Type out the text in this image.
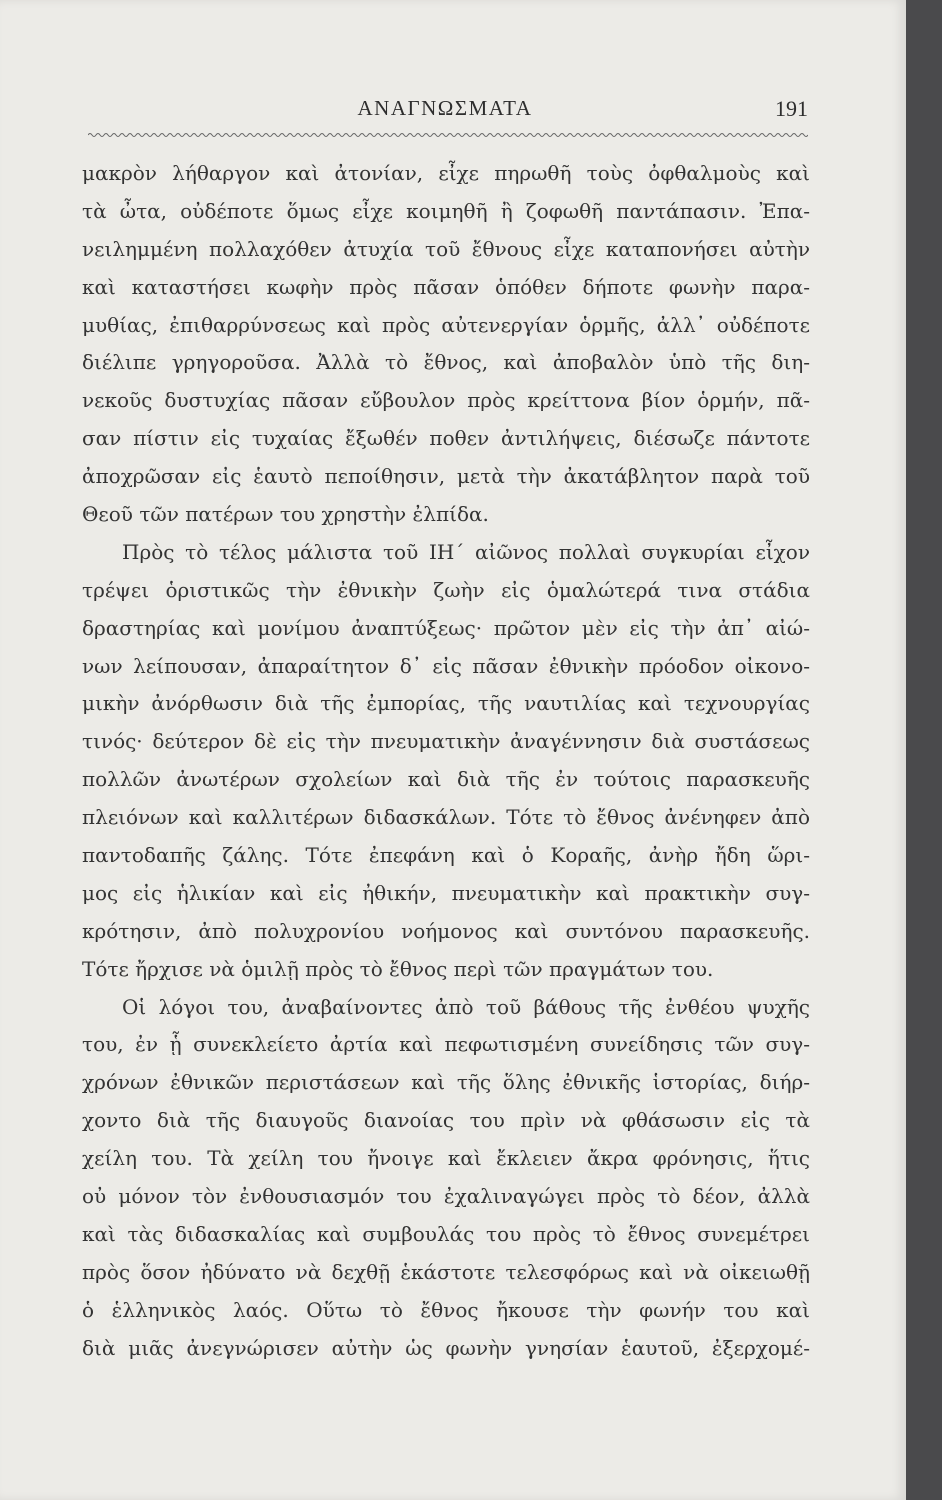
ΑΝΑΓΝΩΣΜΑΤΑ	191
μακρὸν λήθαργον καὶ ἀτονίαν, εἶχε πηρωθῆ τοὺς ὀφθαλμοὺς καὶ
τὰ ὦτα, οὐδέποτε ὅμως εἶχε κοιμηθῆ ἢ ζοφωθῆ παντάπασιν. Ἐπα-
νειλημμένη πολλαχόθεν ἀτυχία τοῦ ἔθνους εἶχε καταπονήσει αὐτὴν
καὶ καταστήσει κωφὴν πρὸς πᾶσαν ὁπόθεν δήποτε φωνὴν παρα-
μυθίας, ἐπιθαρρύνσεως καὶ πρὸς αὐτενεργίαν ὁρμῆς, ἀλλ᾿ οὐδέποτε
διέλιπε γρηγοροῦσα. Ἀλλὰ τὸ ἔθνος, καὶ ἀποβαλὸν ὑπὸ τῆς διη-
νεκοῦς δυστυχίας πᾶσαν εὔβουλον πρὸς κρείττονα βίον ὁρμήν, πᾶ-
σαν πίστιν εἰς τυχαίας ἔξωθέν ποθεν ἀντιλήψεις, διέσωζε πάντοτε
ἀποχρῶσαν εἰς ἑαυτὸ πεποίθησιν, μετὰ τὴν ἀκατάβλητον παρὰ τοῦ
Θεοῦ τῶν πατέρων του χρηστὴν ἐλπίδα.
Πρὸς τὸ τέλος μάλιστα τοῦ ΙΗ΄ αἰῶνος πολλαὶ συγκυρίαι εἶχον
τρέψει ὁριστικῶς τὴν ἐθνικὴν ζωὴν εἰς ὁμαλώτερά τινα στάδια
δραστηρίας καὶ μονίμου ἀναπτύξεως· πρῶτον μὲν εἰς τὴν ἀπ᾿ αἰώ-
νων λείπουσαν, ἀπαραίτητον δ᾿ εἰς πᾶσαν ἐθνικὴν πρόοδον οἰκονο-
μικὴν ἀνόρθωσιν διὰ τῆς ἐμπορίας, τῆς ναυτιλίας καὶ τεχνουργίας
τινός· δεύτερον δὲ εἰς τὴν πνευματικὴν ἀναγέννησιν διὰ συστάσεως
πολλῶν ἀνωτέρων σχολείων καὶ διὰ τῆς ἐν τούτοις παρασκευῆς
πλειόνων καὶ καλλιτέρων διδασκάλων. Τότε τὸ ἔθνος ἀνένηφεν ἀπὸ
παντοδαπῆς ζάλης. Τότε ἐπεφάνη καὶ ὁ Κοραῆς, ἀνὴρ ἤδη ὥρι-
μος εἰς ἡλικίαν καὶ εἰς ἠθικήν, πνευματικὴν καὶ πρακτικὴν συγ-
κρότησιν, ἀπὸ πολυχρονίου νοήμονος καὶ συντόνου παρασκευῆς.
Τότε ἤρχισε νὰ ὁμιλῇ πρὸς τὸ ἔθνος περὶ τῶν πραγμάτων του.
Οἱ λόγοι του, ἀναβαίνοντες ἀπὸ τοῦ βάθους τῆς ἐνθέου ψυχῆς
του, ἐν ᾗ συνεκλείετο ἀρτία καὶ πεφωτισμένη συνείδησις τῶν συγ-
χρόνων ἐθνικῶν περιστάσεων καὶ τῆς ὅλης ἐθνικῆς ἱστορίας, διήρ-
χοντο διὰ τῆς διαυγοῦς διανοίας του πρὶν νὰ φθάσωσιν εἰς τὰ
χείλη του. Τὰ χείλη του ἤνοιγε καὶ ἔκλειεν ἄκρα φρόνησις, ἥτις
οὐ μόνον τὸν ἐνθουσιασμόν του ἐχαλιναγώγει πρὸς τὸ δέον, ἀλλὰ
καὶ τὰς διδασκαλίας καὶ συμβουλάς του πρὸς τὸ ἔθνος συνεμέτρει
πρὸς ὅσον ἠδύνατο νὰ δεχθῇ ἑκάστοτε τελεσφόρως καὶ νὰ οἰκειωθῇ
ὁ ἑλληνικὸς λαός. Οὕτω τὸ ἔθνος ἤκουσε τὴν φωνήν του καὶ
διὰ μιᾶς ἀνεγνώρισεν αὐτὴν ὡς φωνὴν γνησίαν ἑαυτοῦ, ἐξερχομέ-
